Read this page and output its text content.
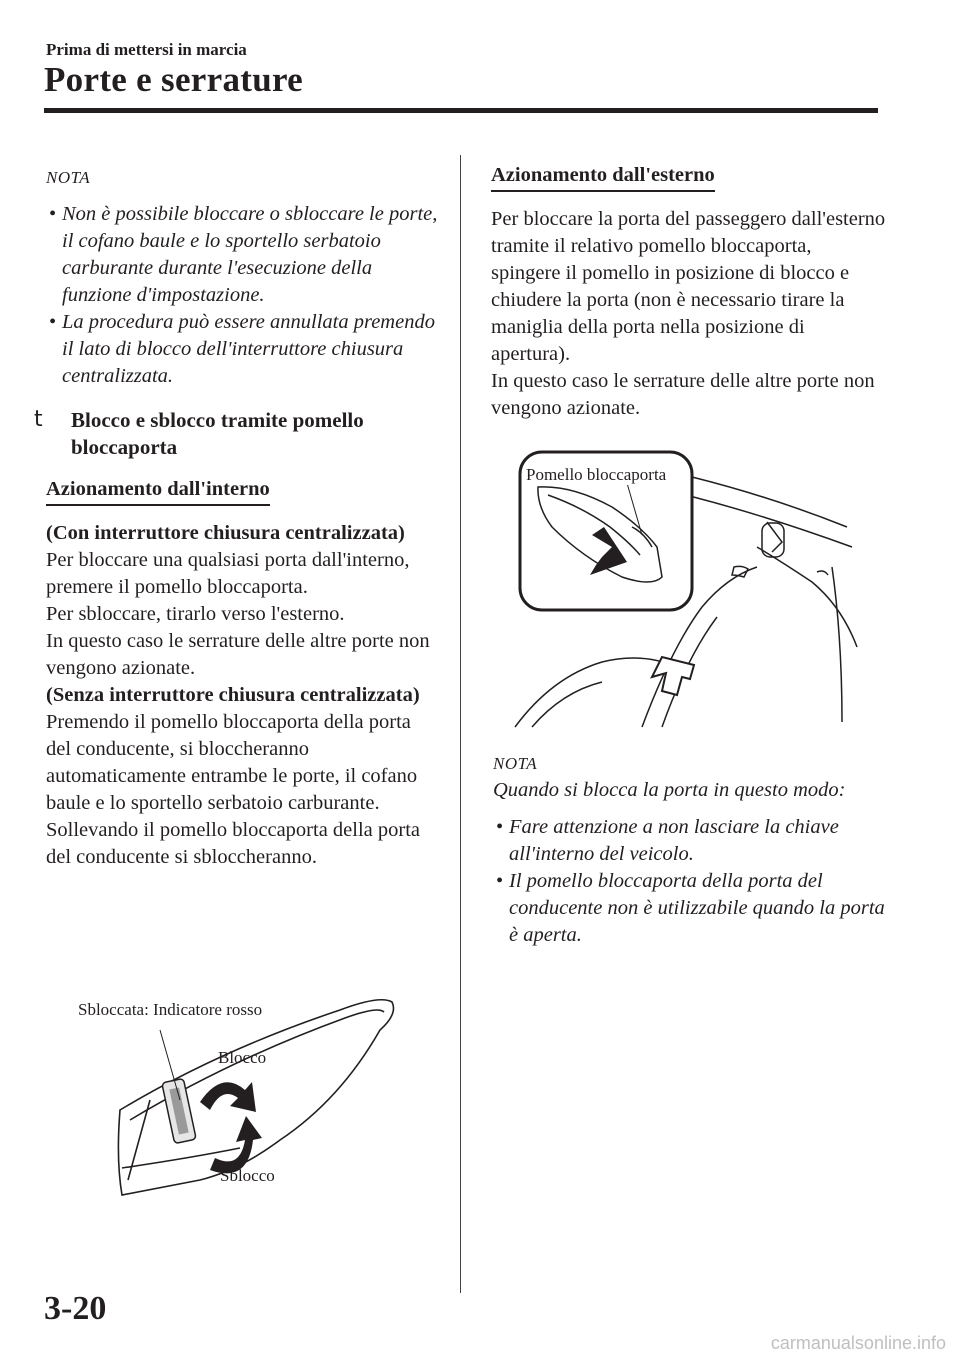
Prima di mettersi in marcia
Porte e serrature

NOTA

• Non è possibile bloccare o sbloccare le porte, il cofano baule e lo sportello serbatoio carburante durante l'esecuzione della funzione d'impostazione.
• La procedura può essere annullata premendo il lato di blocco dell'interruttore chiusura centralizzata.
t Blocco e sblocco tramite pomello bloccaporta
Azionamento dall'interno

(Con interruttore chiusura centralizzata)

Per bloccare una qualsiasi porta dall'interno, premere il pomello bloccaporta.
Per sbloccare, tirarlo verso l'esterno.
In questo caso le serrature delle altre porte non vengono azionate.

(Senza interruttore chiusura centralizzata)

Premendo il pomello bloccaporta della porta del conducente, si bloccheranno automaticamente entrambe le porte, il cofano baule e lo sportello serbatoio carburante. Sollevando il pomello bloccaporta della porta del conducente si sbloccheranno.

Sbloccata: Indicatore rosso
Blocco
Sblocco
Azionamento dall'esterno

Per bloccare la porta del passeggero dall'esterno tramite il relativo pomello bloccaporta, spingere il pomello in posizione di blocco e chiudere la porta (non è necessario tirare la maniglia della porta nella posizione di apertura).
In questo caso le serrature delle altre porte non vengono azionate.

Pomello bloccaporta

NOTA

Quando si blocca la porta in questo modo:

• Fare attenzione a non lasciare la chiave all'interno del veicolo.
• Il pomello bloccaporta della porta del conducente non è utilizzabile quando la porta è aperta.
3-20
carmanualsonline.info
